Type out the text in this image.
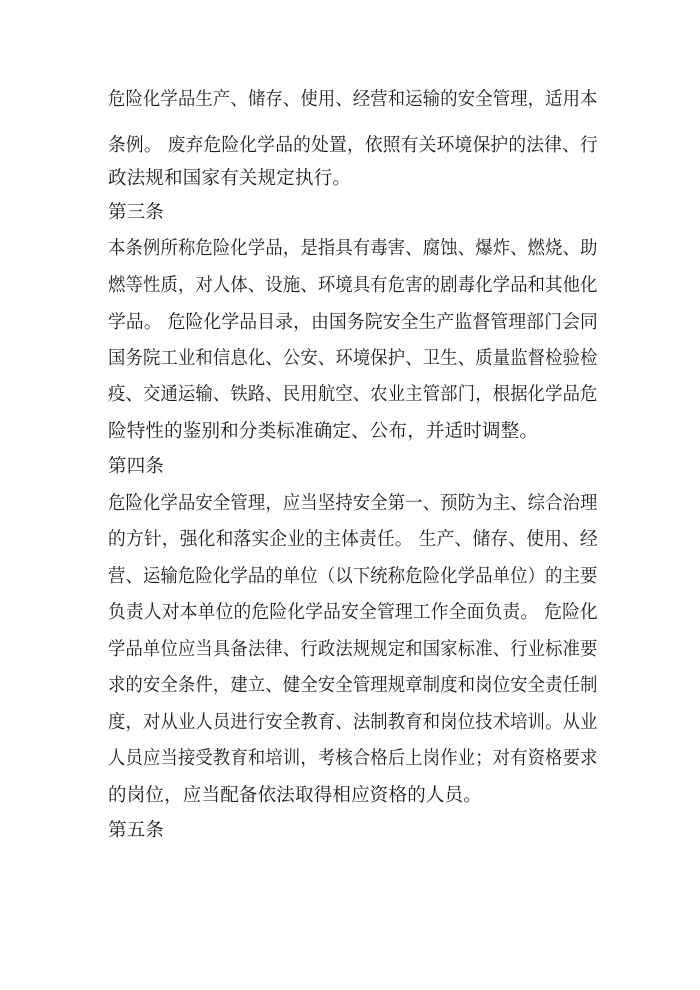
危险化学品生产、储存、使用、经营和运输的安全管理，适用本
条例。 废弃危险化学品的处置，依照有关环境保护的法律、行
政法规和国家有关规定执行。
第三条
本条例所称危险化学品，是指具有毒害、腐蚀、爆炸、燃烧、助
燃等性质，对人体、设施、环境具有危害的剧毒化学品和其他化
学品。 危险化学品目录，由国务院安全生产监督管理部门会同
国务院工业和信息化、公安、环境保护、卫生、质量监督检验检
疫、交通运输、铁路、民用航空、农业主管部门，根据化学品危
险特性的鉴别和分类标准确定、公布，并适时调整。
第四条
危险化学品安全管理，应当坚持安全第一、预防为主、综合治理
的方针，强化和落实企业的主体责任。 生产、储存、使用、经
营、运输危险化学品的单位（以下统称危险化学品单位）的主要
负责人对本单位的危险化学品安全管理工作全面负责。 危险化
学品单位应当具备法律、行政法规规定和国家标准、行业标准要
求的安全条件，建立、健全安全管理规章制度和岗位安全责任制
度，对从业人员进行安全教育、法制教育和岗位技术培训。从业
人员应当接受教育和培训，考核合格后上岗作业；对有资格要求
的岗位，应当配备依法取得相应资格的人员。
第五条
